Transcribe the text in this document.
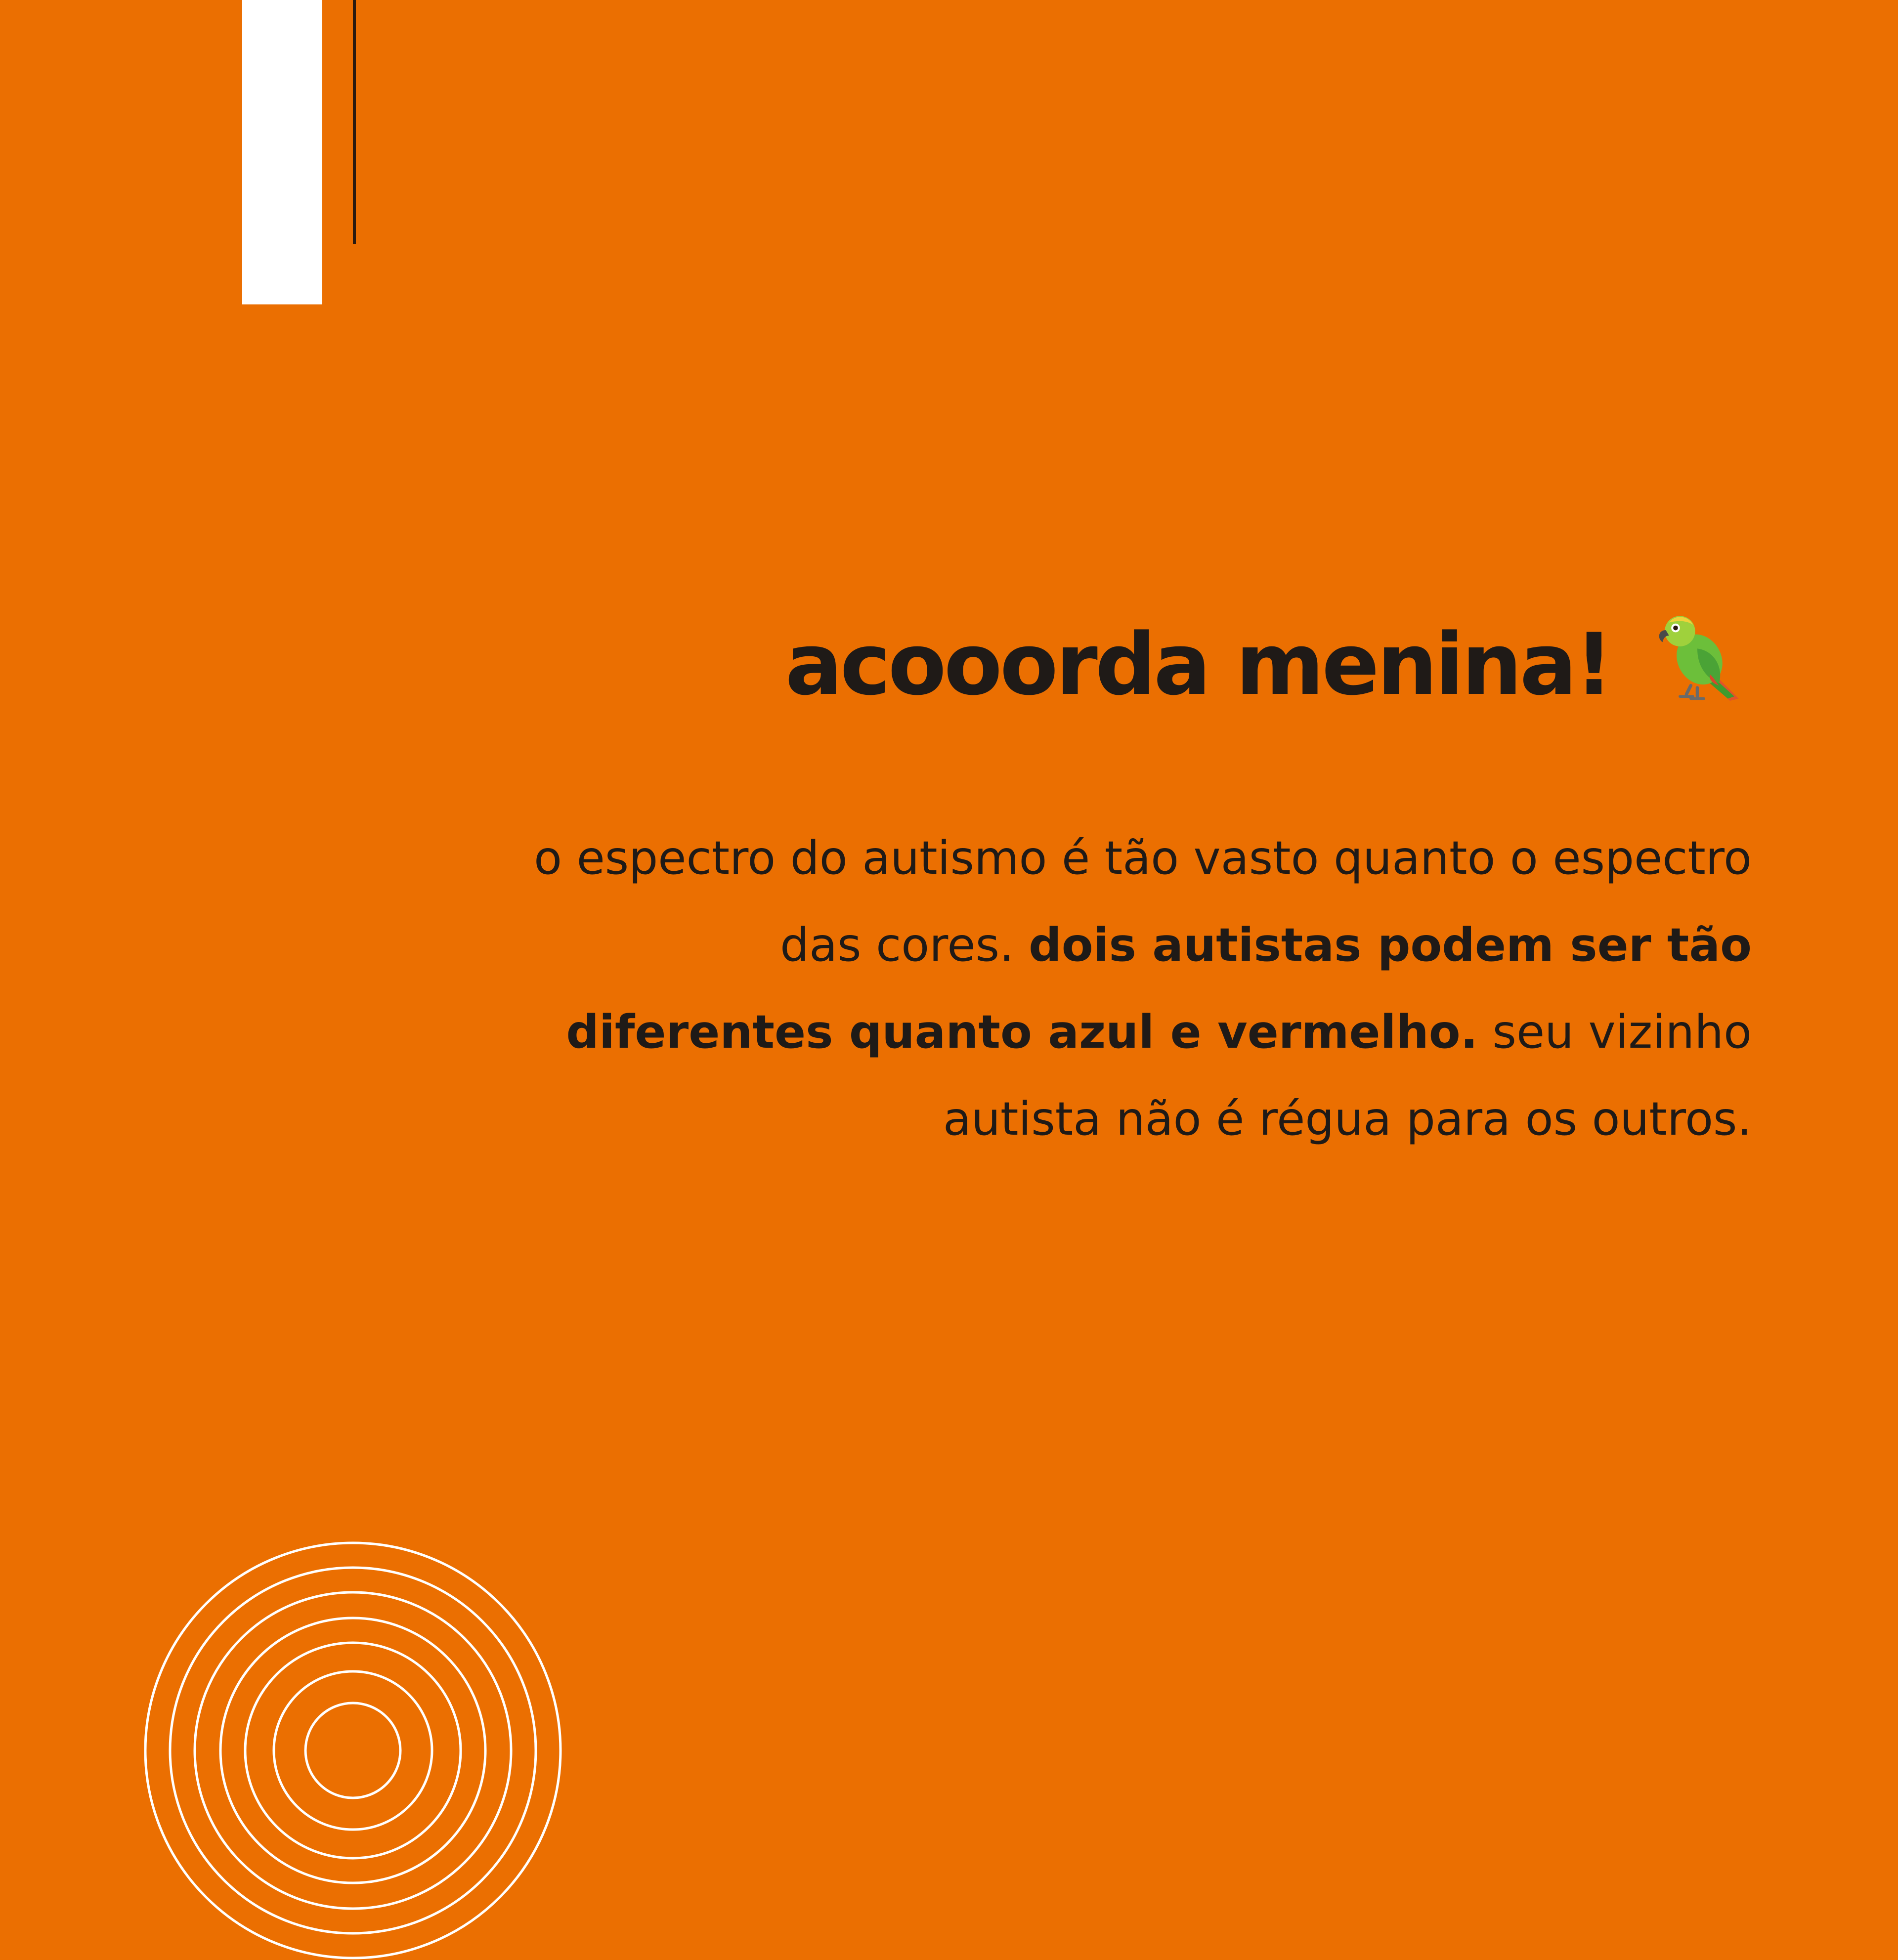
acooorda menina!

o espectro do autismo é tão vasto quanto o espectro das cores. dois autistas podem ser tão diferentes quanto azul e vermelho. seu vizinho autista não é régua para os outros.
